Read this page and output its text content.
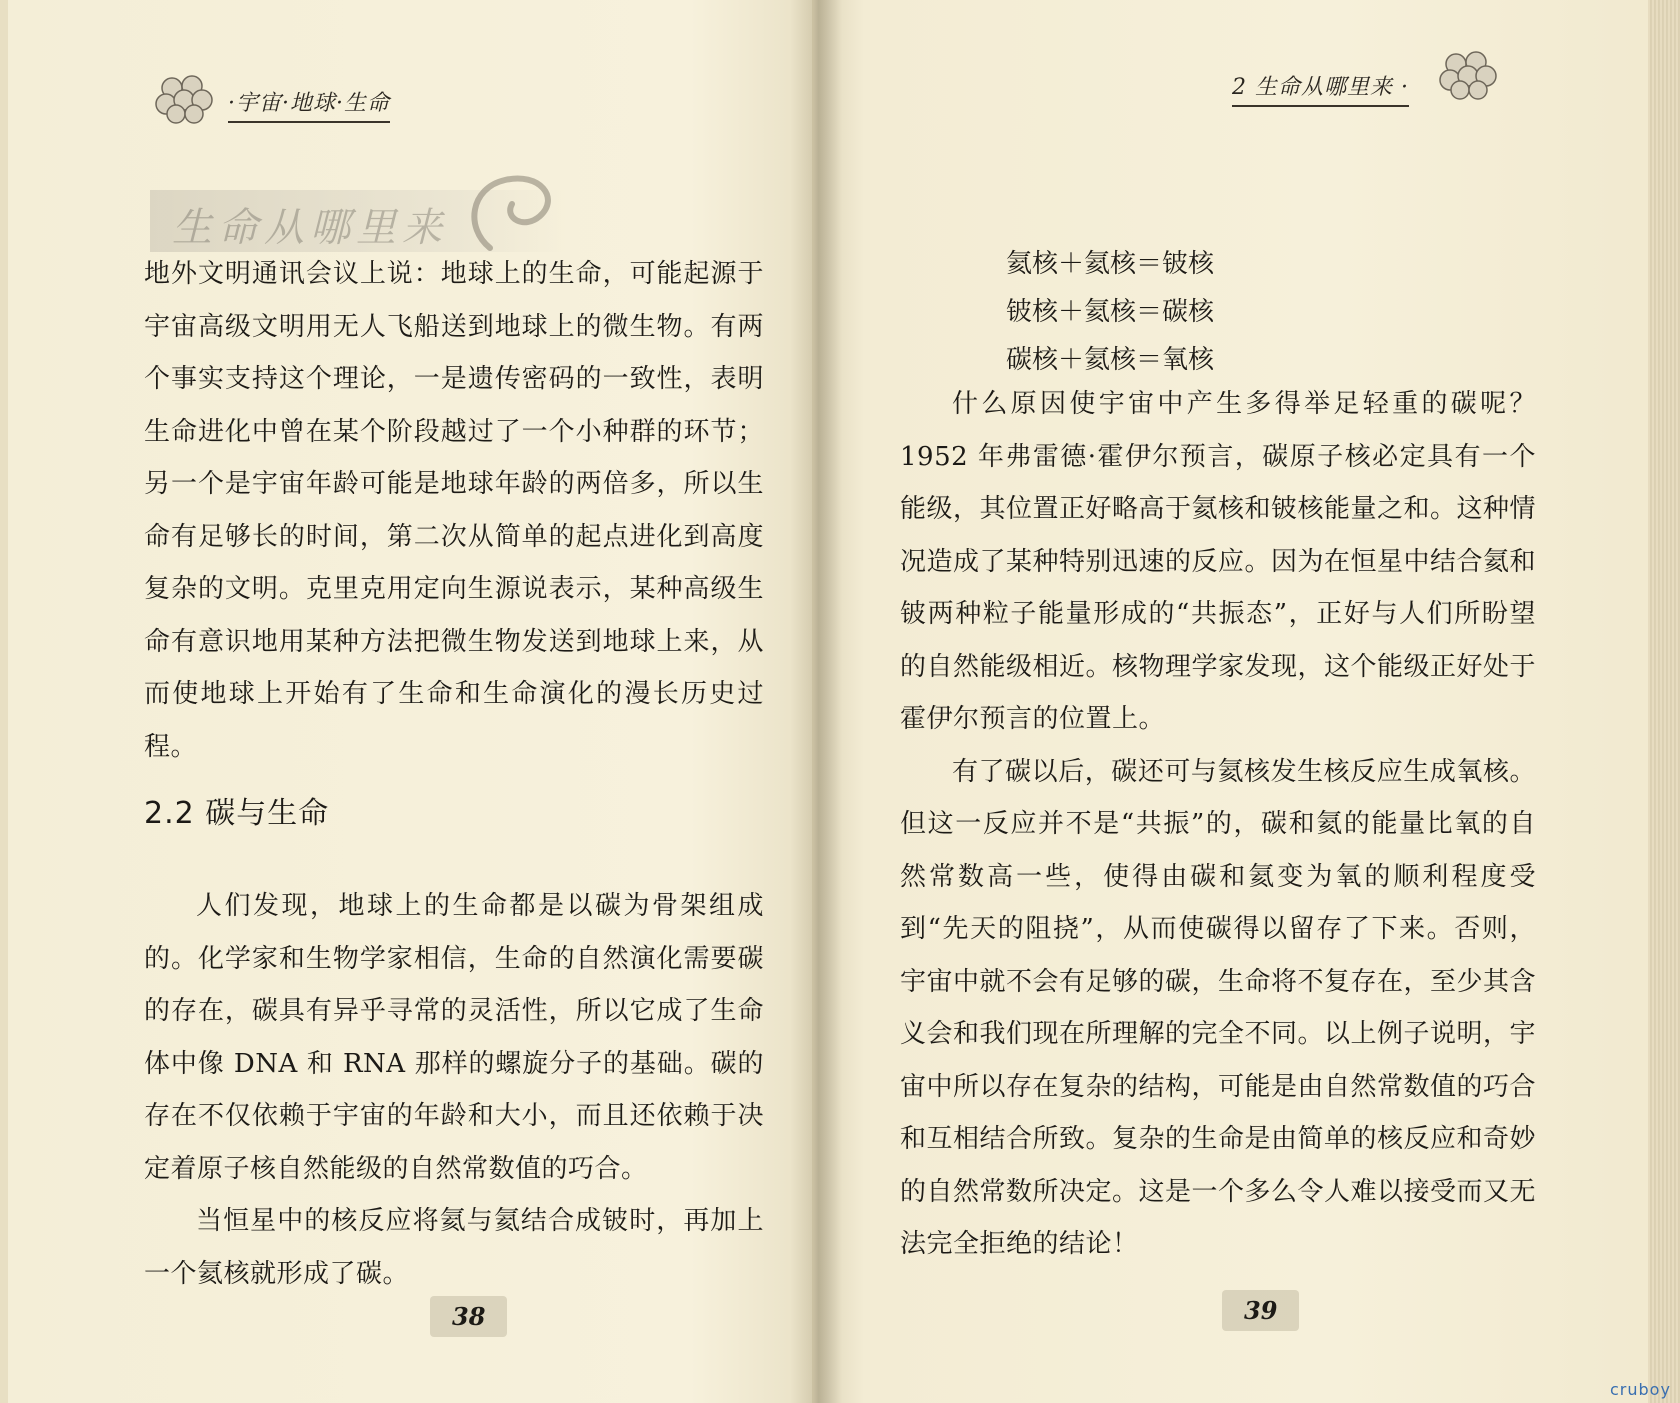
·宇宙·地球·生命
生命从哪里来

地外文明通讯会议上说：地球上的生命，可能起源于宇宙高级文明用无人飞船送到地球上的微生物。有两个事实支持这个理论，一是遗传密码的一致性，表明生命进化中曾在某个阶段越过了一个小种群的环节；另一个是宇宙年龄可能是地球年龄的两倍多，所以生命有足够长的时间，第二次从简单的起点进化到高度复杂的文明。克里克用定向生源说表示，某种高级生命有意识地用某种方法把微生物发送到地球上来，从而使地球上开始有了生命和生命演化的漫长历史过程。

2.2 碳与生命

人们发现，地球上的生命都是以碳为骨架组成的。化学家和生物学家相信，生命的自然演化需要碳的存在，碳具有异乎寻常的灵活性，所以它成了生命体中像 DNA 和 RNA 那样的螺旋分子的基础。碳的存在不仅依赖于宇宙的年龄和大小，而且还依赖于决定着原子核自然能级的自然常数值的巧合。

当恒星中的核反应将氦与氦结合成铍时，再加上一个氦核就形成了碳。

38
2 生命从哪里来 ·
氦核＋氦核＝铍核
铍核＋氦核＝碳核
碳核＋氦核＝氧核

什么原因使宇宙中产生多得举足轻重的碳呢？1952 年弗雷德·霍伊尔预言，碳原子核必定具有一个能级，其位置正好略高于氦核和铍核能量之和。这种情况造成了某种特别迅速的反应。因为在恒星中结合氦和铍两种粒子能量形成的“共振态”，正好与人们所盼望的自然能级相近。核物理学家发现，这个能级正好处于霍伊尔预言的位置上。

有了碳以后，碳还可与氦核发生核反应生成氧核。但这一反应并不是“共振”的，碳和氦的能量比氧的自然常数高一些，使得由碳和氦变为氧的顺利程度受到“先天的阻挠”，从而使碳得以留存了下来。否则，宇宙中就不会有足够的碳，生命将不复存在，至少其含义会和我们现在所理解的完全不同。以上例子说明，宇宙中所以存在复杂的结构，可能是由自然常数值的巧合和互相结合所致。复杂的生命是由简单的核反应和奇妙的自然常数所决定。这是一个多么令人难以接受而又无法完全拒绝的结论！

39
cruboy
